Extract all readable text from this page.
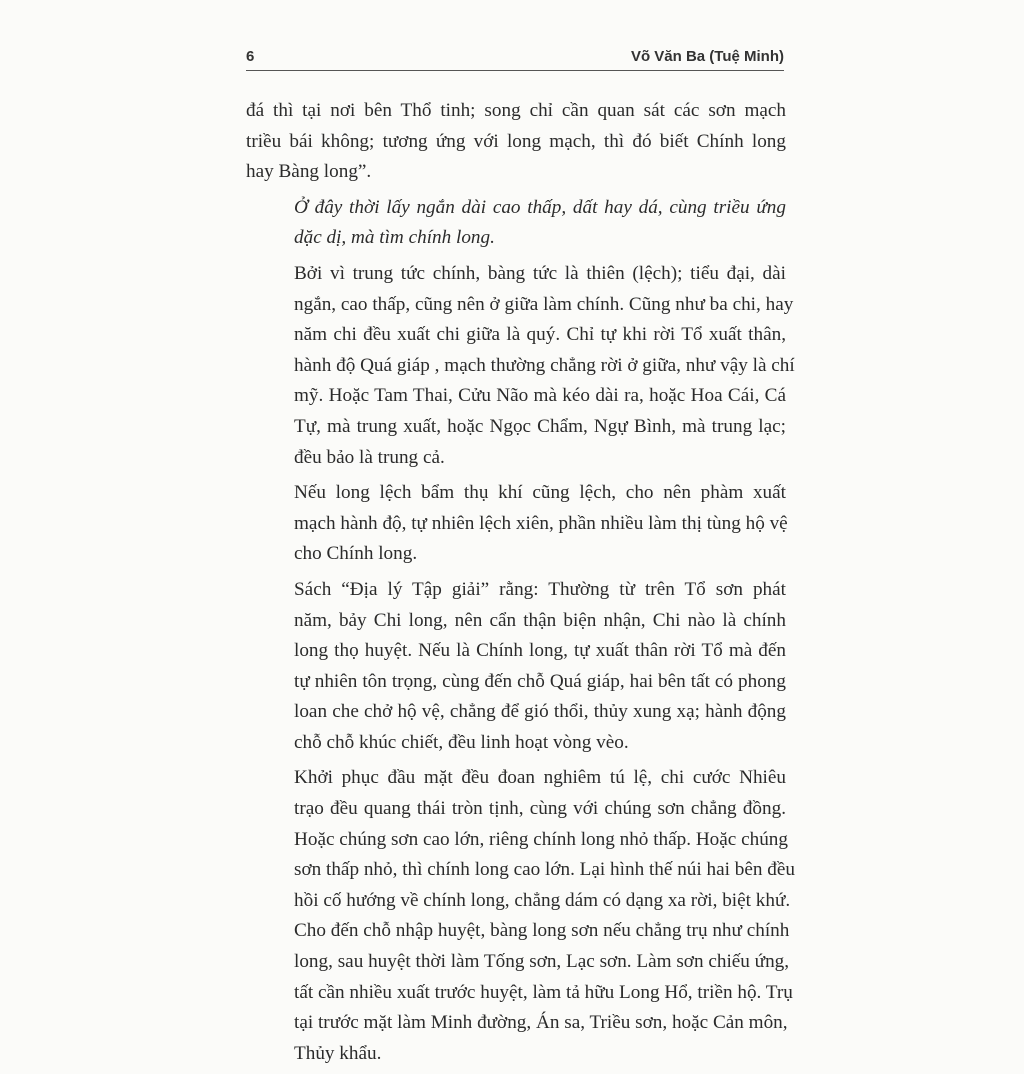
6	Võ Văn Ba (Tuệ Minh)

đá thì tại nơi bên Thổ tinh; song chỉ cần quan sát các sơn mạch
triều bái không; tương ứng với long mạch, thì đó biết Chính long
hay Bàng long”.

Ở đây thời lấy ngắn dài cao thấp, dất hay dá, cùng triều ứng
dặc dị, mà tìm chính long.

Bởi vì trung tức chính, bàng tức là thiên (lệch); tiểu đại, dài
ngắn, cao thấp, cũng nên ở giữa làm chính. Cũng như ba chi, hay
năm chi đều xuất chi giữa là quý. Chỉ tự khi rời Tổ xuất thân,
hành độ Quá giáp , mạch thường chẳng rời ở giữa, như vậy là chí
mỹ. Hoặc Tam Thai, Cửu Não mà kéo dài ra, hoặc Hoa Cái, Cá
Tự, mà trung xuất, hoặc Ngọc Chẩm, Ngự Bình, mà trung lạc;
đều bảo là trung cả.

Nếu long lệch bẩm thụ khí cũng lệch, cho nên phàm xuất
mạch hành độ, tự nhiên lệch xiên, phần nhiều làm thị tùng hộ vệ
cho Chính long.

Sách “Địa lý Tập giải” rằng: Thường từ trên Tổ sơn phát
năm, bảy Chi long, nên cẩn thận biện nhận, Chi nào là chính
long thọ huyệt. Nếu là Chính long, tự xuất thân rời Tổ mà đến
tự nhiên tôn trọng, cùng đến chỗ Quá giáp, hai bên tất có phong
loan che chở hộ vệ, chẳng để gió thổi, thủy xung xạ; hành động
chỗ chỗ khúc chiết, đều linh hoạt vòng vèo.

Khởi phục đầu mặt đều đoan nghiêm tú lệ, chi cước Nhiêu
trạo đều quang thái tròn tịnh, cùng với chúng sơn chẳng đồng.
Hoặc chúng sơn cao lớn, riêng chính long nhỏ thấp. Hoặc chúng
sơn thấp nhỏ, thì chính long cao lớn. Lại hình thế núi hai bên đều
hồi cố hướng về chính long, chẳng dám có dạng xa rời, biệt khứ.
Cho đến chỗ nhập huyệt, bàng long sơn nếu chẳng trụ như chính
long, sau huyệt thời làm Tống sơn, Lạc sơn. Làm sơn chiếu ứng,
tất cần nhiều xuất trước huyệt, làm tả hữu Long Hổ, triền hộ. Trụ
tại trước mặt làm Minh đường, Án sa, Triều sơn, hoặc Cản môn,
Thủy khẩu.
